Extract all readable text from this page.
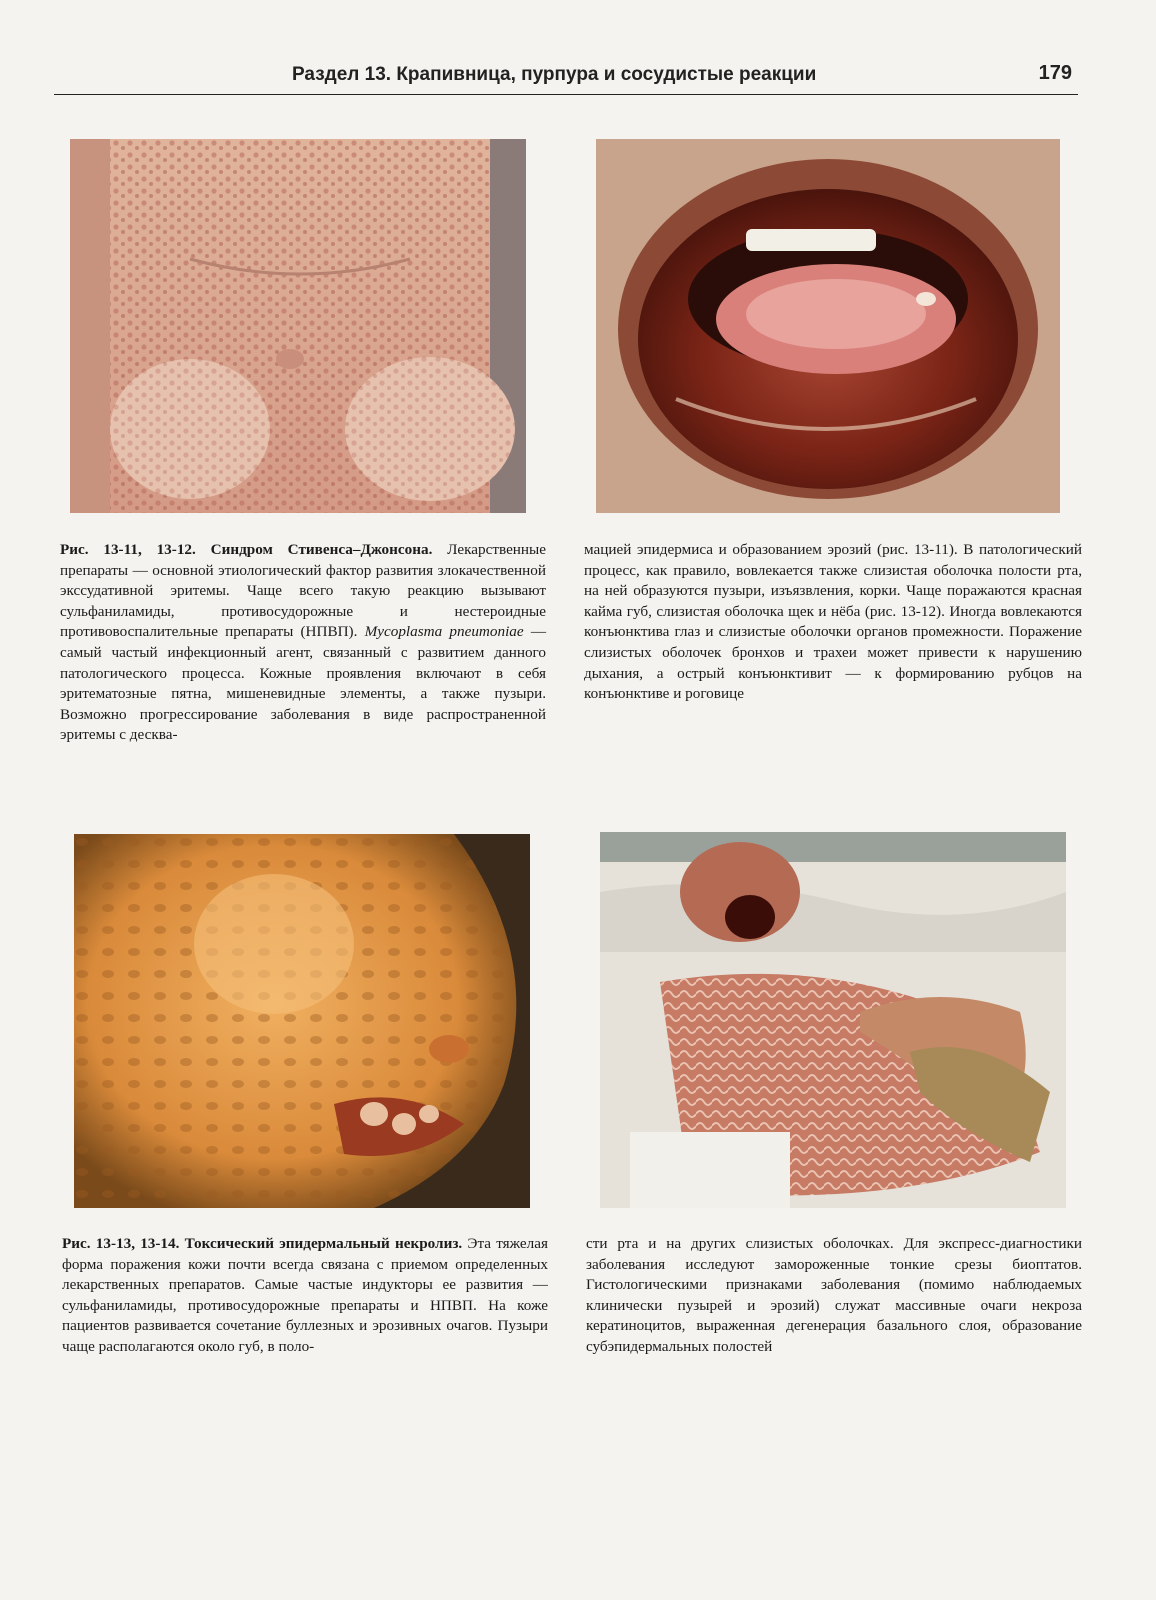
Раздел 13. Крапивница, пурпура и сосудистые реакции	179

Рис. 13-11, 13-12. Синдром Стивенса–Джонсона. Лекарственные препараты — основной этиологический фактор развития злокачественной экссудативной эритемы. Чаще всего такую реакцию вызывают сульфаниламиды, противосудорожные и нестероидные противовоспалительные препараты (НПВП). Mycoplasma pneumoniae — самый частый инфекционный агент, связанный с развитием данного патологического процесса. Кожные проявления включают в себя эритематозные пятна, мишеневидные элементы, а также пузыри. Возможно прогрессирование заболевания в виде распространенной эритемы с десква-

мацией эпидермиса и образованием эрозий (рис. 13-11). В патологический процесс, как правило, вовлекается также слизистая оболочка полости рта, на ней образуются пузыри, изъязвления, корки. Чаще поражаются красная кайма губ, слизистая оболочка щек и нёба (рис. 13-12). Иногда вовлекаются конъюнктива глаз и слизистые оболочки органов промежности. Поражение слизистых оболочек бронхов и трахеи может привести к нарушению дыхания, а острый конъюнктивит — к формированию рубцов на конъюнктиве и роговице

Рис. 13-13, 13-14. Токсический эпидермальный некролиз. Эта тяжелая форма поражения кожи почти всегда связана с приемом определенных лекарственных препаратов. Самые частые индукторы ее развития — сульфаниламиды, противосудорожные препараты и НПВП. На коже пациентов развивается сочетание буллезных и эрозивных очагов. Пузыри чаще располагаются около губ, в поло-

сти рта и на других слизистых оболочках. Для экспресс-диагностики заболевания исследуют замороженные тонкие срезы биоптатов. Гистологическими признаками заболевания (помимо наблюдаемых клинически пузырей и эрозий) служат массивные очаги некроза кератиноцитов, выраженная дегенерация базального слоя, образование субэпидермальных полостей
